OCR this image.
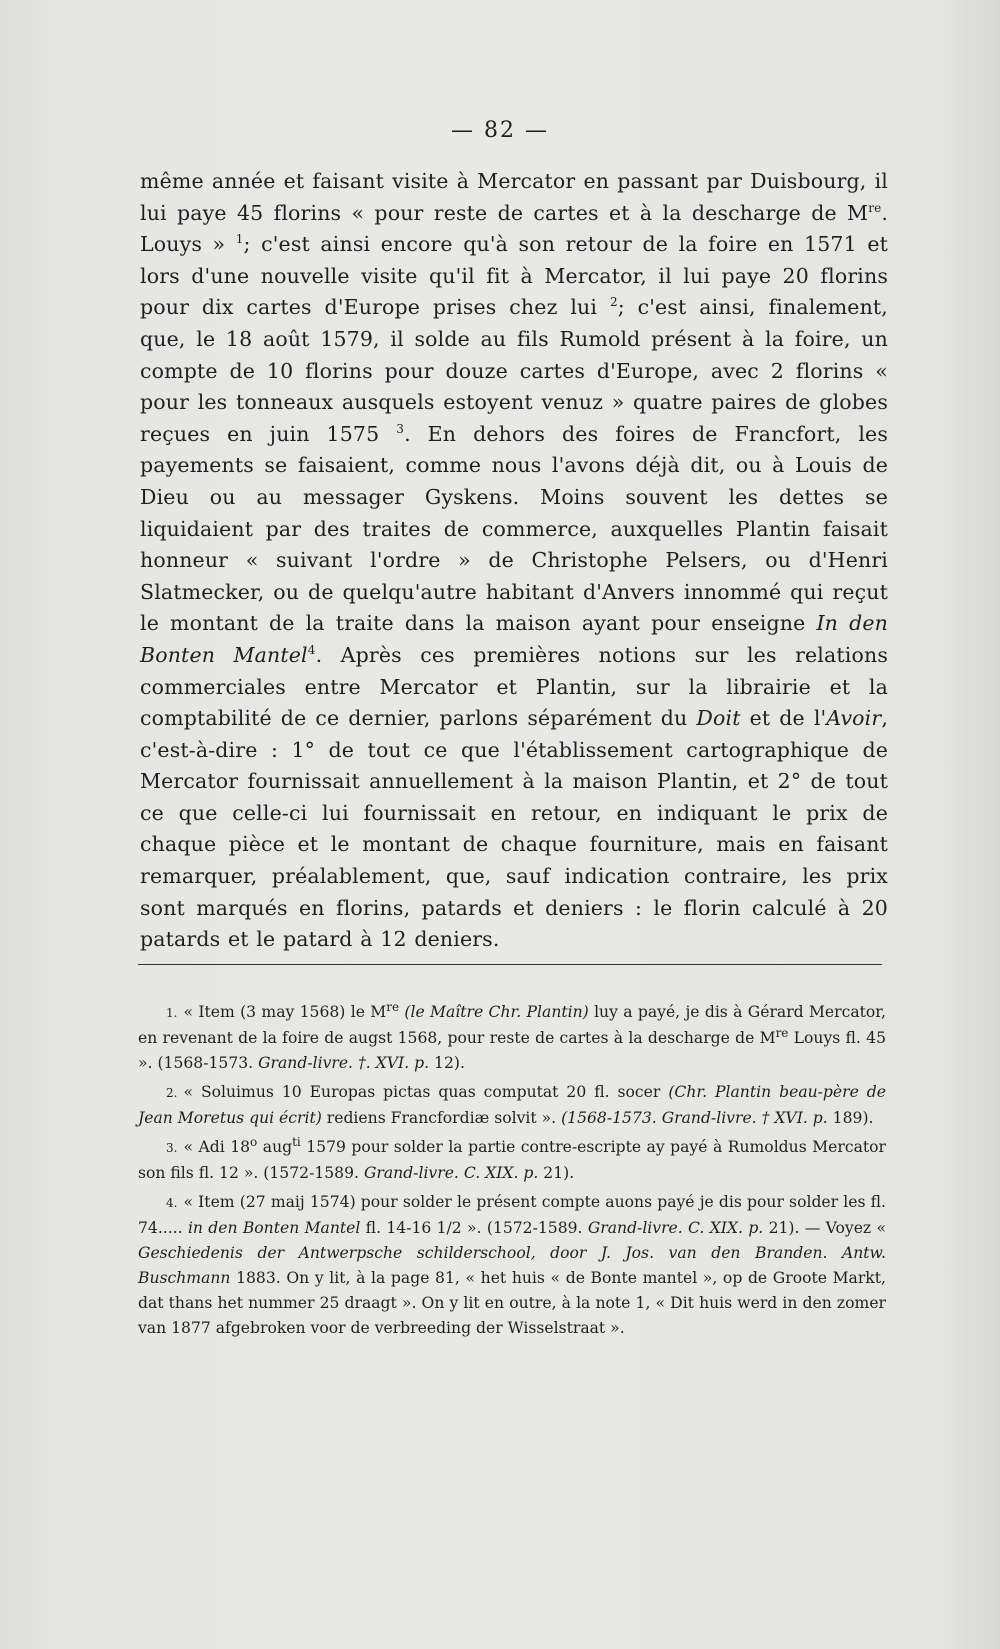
— 82 —

même année et faisant visite à Mercator en passant par Duisbourg, il lui paye 45 florins « pour reste de cartes et à la descharge de Mre. Louys » $^1$; c'est ainsi encore qu'à son retour de la foire en 1571 et lors d'une nouvelle visite qu'il fit à Mercator, il lui paye 20 florins pour dix cartes d'Europe prises chez lui $^2$; c'est ainsi, finalement, que, le 18 août 1579, il solde au fils Rumold présent à la foire, un compte de 10 florins pour douze cartes d'Europe, avec 2 florins « pour les tonneaux ausquels estoyent venuz » quatre paires de globes reçues en juin 1575 $^3$. En dehors des foires de Francfort, les payements se faisaient, comme nous l'avons déjà dit, ou à Louis de Dieu ou au messager Gyskens. Moins souvent les dettes se liquidaient par des traites de commerce, auxquelles Plantin faisait honneur « suivant l'ordre » de Christophe Pelsers, ou d'Henri Slatmecker, ou de quelqu'autre habitant d'Anvers innommé qui reçut le montant de la traite dans la maison ayant pour enseigne In den Bonten Mantel$^4$. Après ces premières notions sur les relations commerciales entre Mercator et Plantin, sur la librairie et la comptabilité de ce dernier, parlons séparément du Doit et de l'Avoir, c'est-à-dire : 1° de tout ce que l'établissement cartographique de Mercator fournissait annuellement à la maison Plantin, et 2° de tout ce que celle-ci lui fournissait en retour, en indiquant le prix de chaque pièce et le montant de chaque fourniture, mais en faisant remarquer, préalablement, que, sauf indication contraire, les prix sont marqués en florins, patards et deniers : le florin calculé à 20 patards et le patard à 12 deniers.

1. « Item (3 may 1568) le Mre (le Maître Chr. Plantin) luy a payé, je dis à Gérard Mercator, en revenant de la foire de augst 1568, pour reste de cartes à la descharge de Mre Louys fl. 45 ». (1568-1573. Grand-livre. †. XVI. p. 12).

2. « Soluimus 10 Europas pictas quas computat 20 fl. socer (Chr. Plantin beau-père de Jean Moretus qui écrit) rediens Francfordiæ solvit ». (1568-1573. Grand-livre. † XVI. p. 189).

3. « Adi 18$^o$ aug$^{ti}$ 1579 pour solder la partie contre-escripte ay payé à Rumoldus Mercator son fils fl. 12 ». (1572-1589. Grand-livre. C. XIX. p. 21).

4. « Item (27 maij 1574) pour solder le présent compte auons payé je dis pour solder les fl. 74..... in den Bonten Mantel fl. 14-16 1/2 ». (1572-1589. Grand-livre. C. XIX. p. 21). — Voyez « Geschiedenis der Antwerpsche schilderschool, door J. Jos. van den Branden. Antw. Buschmann 1883. On y lit, à la page 81, « het huis « de Bonte mantel », op de Groote Markt, dat thans het nummer 25 draagt ». On y lit en outre, à la note 1, « Dit huis werd in den zomer van 1877 afgebroken voor de verbreeding der Wisselstraat ».
